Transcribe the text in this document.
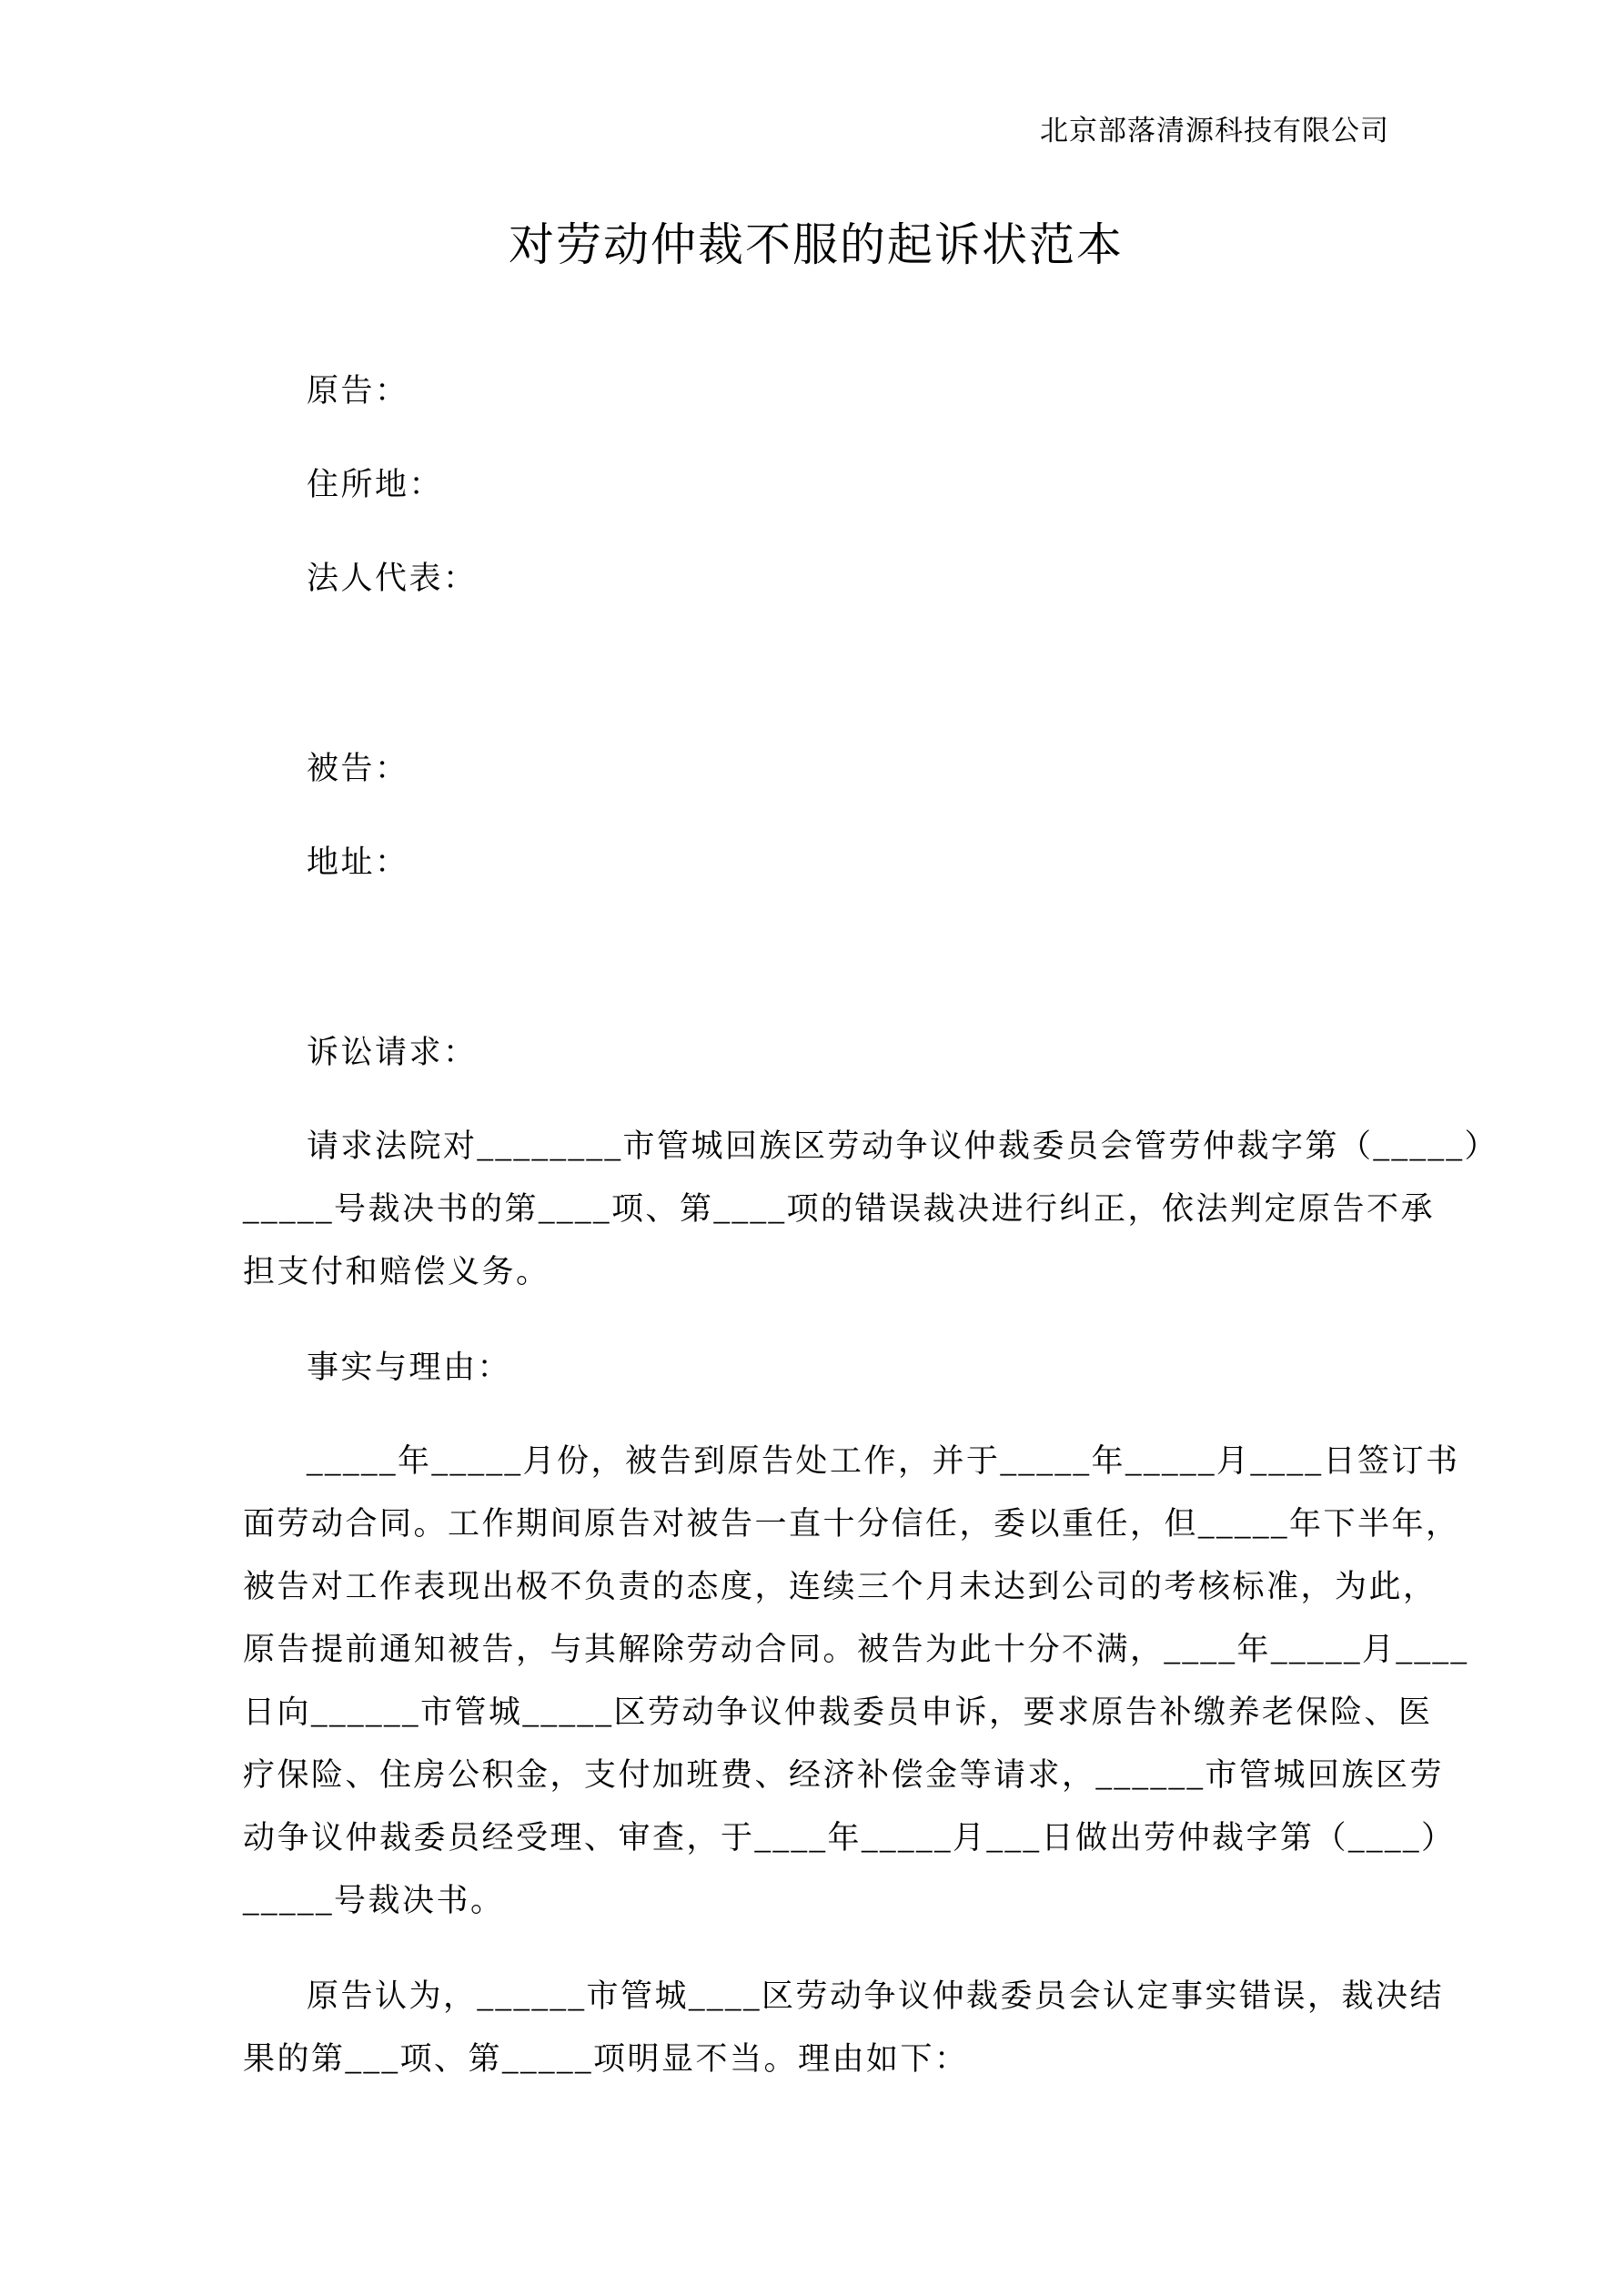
北京部落清源科技有限公司
对劳动仲裁不服的起诉状范本
原告：
住所地：
法人代表：
被告：
地址：
诉讼请求：
请求法院对________市管城回族区劳动争议仲裁委员会管劳仲裁字第（_____）
_____号裁决书的第____项、第____项的错误裁决进行纠正，依法判定原告不承
担支付和赔偿义务。
事实与理由：
_____年_____月份，被告到原告处工作，并于_____年_____月____日签订书
面劳动合同。工作期间原告对被告一直十分信任，委以重任，但_____年下半年，
被告对工作表现出极不负责的态度，连续三个月未达到公司的考核标准，为此，
原告提前通知被告，与其解除劳动合同。被告为此十分不满，____年_____月____
日向______市管城_____区劳动争议仲裁委员申诉，要求原告补缴养老保险、医
疗保险、住房公积金，支付加班费、经济补偿金等请求，______市管城回族区劳
动争议仲裁委员经受理、审查，于____年_____月___日做出劳仲裁字第（____）
_____号裁决书。
原告认为，______市管城____区劳动争议仲裁委员会认定事实错误，裁决结
果的第___项、第_____项明显不当。理由如下：
